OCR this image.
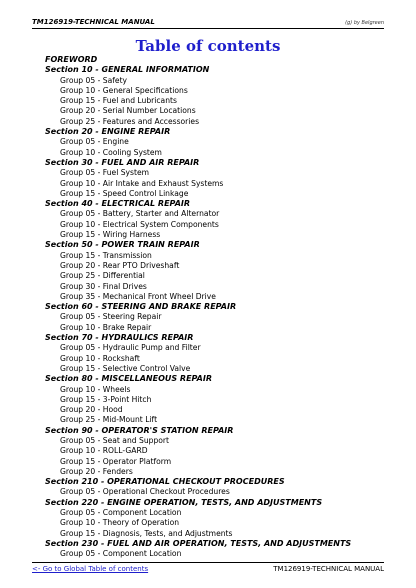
TM126919-TECHNICAL MANUAL	(g) by Belgreen
Table of contents
FOREWORD
Section 10 - GENERAL INFORMATION
Group 05 - Safety
Group 10 - General Specifications
Group 15 - Fuel and Lubricants
Group 20 - Serial Number Locations
Group 25 - Features and Accessories
Section 20 - ENGINE REPAIR
Group 05 - Engine
Group 10 - Cooling System
Section 30 - FUEL AND AIR REPAIR
Group 05 - Fuel System
Group 10 - Air Intake and Exhaust Systems
Group 15 - Speed Control Linkage
Section 40 - ELECTRICAL REPAIR
Group 05 - Battery, Starter and Alternator
Group 10 - Electrical System Components
Group 15 - Wiring Harness
Section 50 - POWER TRAIN REPAIR
Group 15 - Transmission
Group 20 - Rear PTO Driveshaft
Group 25 - Differential
Group 30 - Final Drives
Group 35 - Mechanical Front Wheel Drive
Section 60 - STEERING AND BRAKE REPAIR
Group 05 - Steering Repair
Group 10 - Brake Repair
Section 70 - HYDRAULICS REPAIR
Group 05 - Hydraulic Pump and Filter
Group 10 - Rockshaft
Group 15 - Selective Control Valve
Section 80 - MISCELLANEOUS REPAIR
Group 10 - Wheels
Group 15 - 3-Point Hitch
Group 20 - Hood
Group 25 - Mid-Mount Lift
Section 90 - OPERATOR'S STATION REPAIR
Group 05 - Seat and Support
Group 10 - ROLL-GARD
Group 15 - Operator Platform
Group 20 - Fenders
Section 210 - OPERATIONAL CHECKOUT PROCEDURES
Group 05 - Operational Checkout Procedures
Section 220 - ENGINE OPERATION, TESTS, AND ADJUSTMENTS
Group 05 - Component Location
Group 10 - Theory of Operation
Group 15 - Diagnosis, Tests, and Adjustments
Section 230 - FUEL AND AIR OPERATION, TESTS, AND ADJUSTMENTS
Group 05 - Component Location
<- Go to Global Table of contents	TM126919-TECHNICAL MANUAL
